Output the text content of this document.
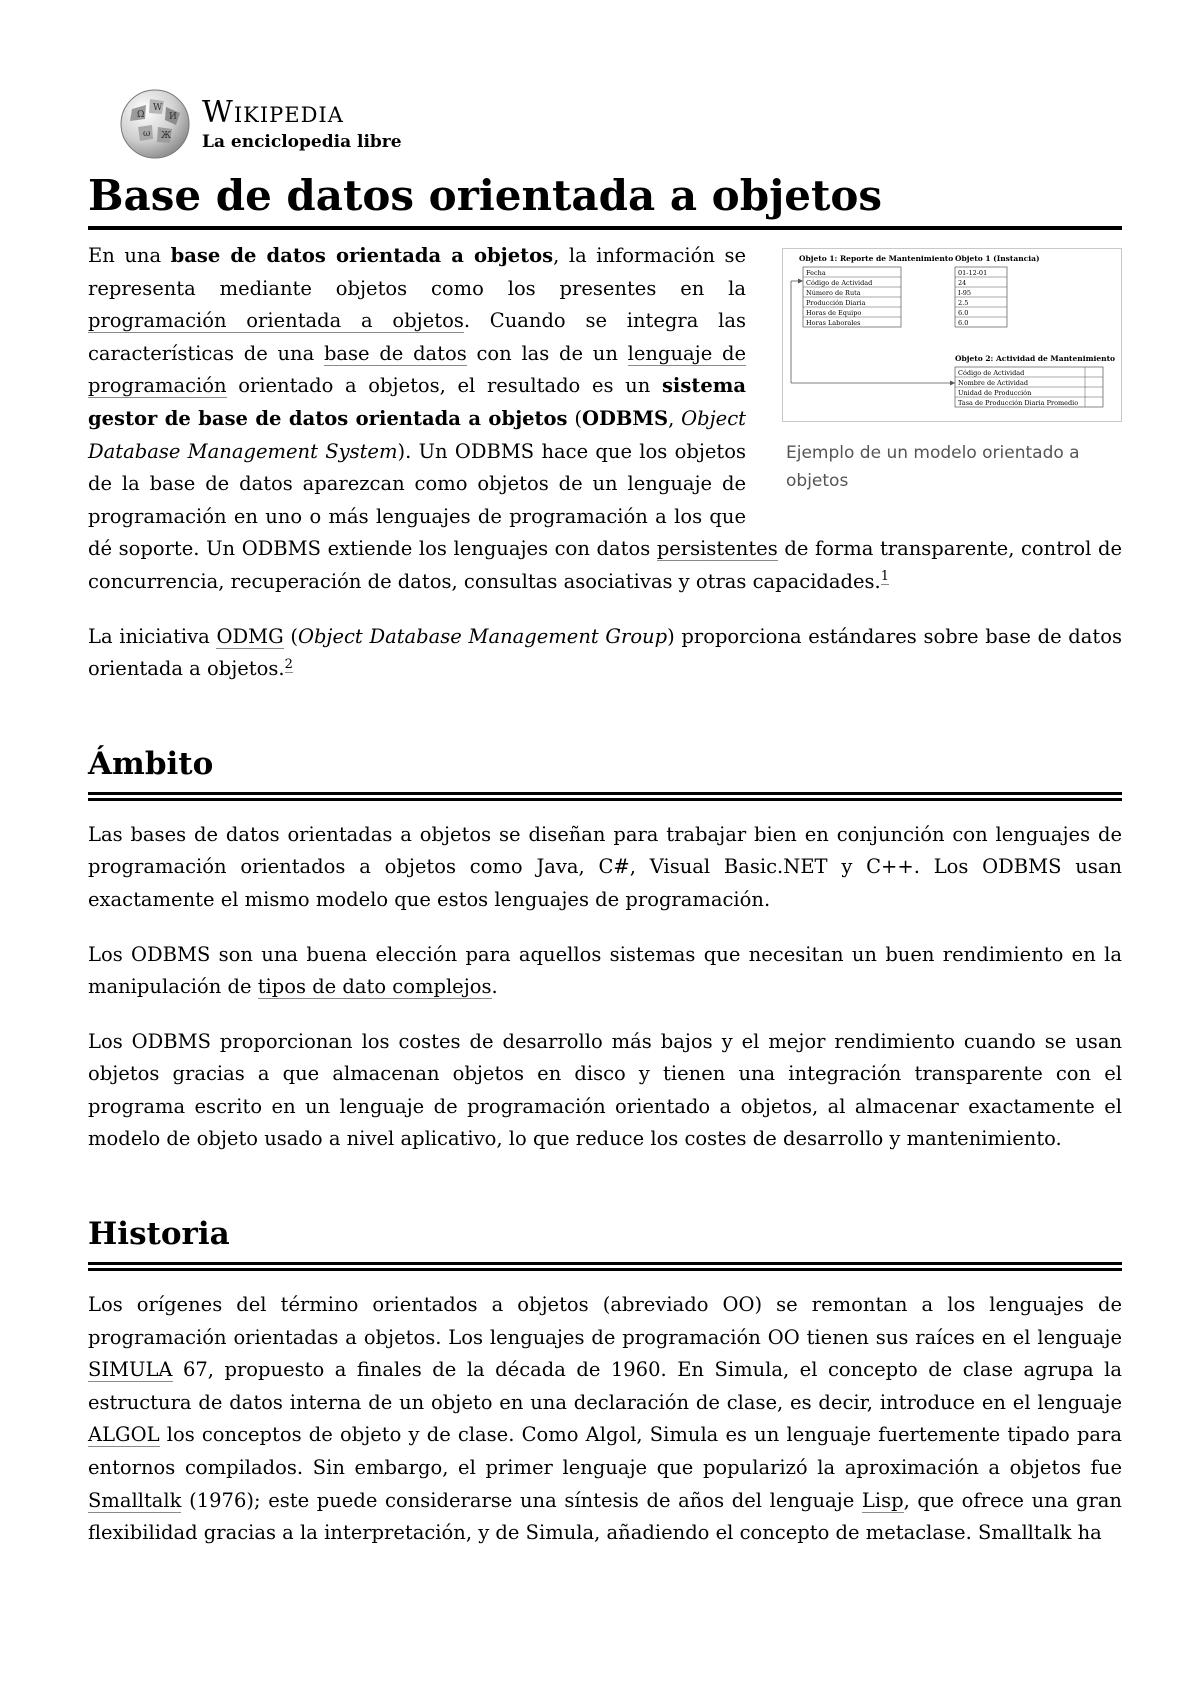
Ω
W
И
ω Ж
Wikipedia
La enciclopedia libre
Base de datos orientada a objetos
Objeto 1: Reporte de Mantenimiento
Fecha
Código de Actividad
Número de Ruta
Producción Diaria
Horas de Equipo
Horas Laborales
Objeto 1 (Instancia)
01-12-01
24
I-95
2.5
6.0
6.0
Objeto 2: Actividad de Mantenimiento
Código de Actividad
Nombre de Actividad
Unidad de Producción
Tasa de Producción Diaria Promedio
Ejemplo de un modelo orientado a objetos

En una base de datos orientada a objetos, la información se representa mediante objetos como los presentes en la programación orientada a objetos. Cuando se integra las características de una base de datos con las de un lenguaje de programación orientado a objetos, el resultado es un sistema gestor de base de datos orientada a objetos (ODBMS, Object Database Management System). Un ODBMS hace que los objetos de la base de datos aparezcan como objetos de un lenguaje de programación en uno o más lenguajes de programación a los que dé soporte. Un ODBMS extiende los lenguajes con datos persistentes de forma transparente, control de concurrencia, recuperación de datos, consultas asociativas y otras capacidades.$^1$

La iniciativa ODMG (Object Database Management Group) proporciona estándares sobre base de datos orientada a objetos.$^2$

Ámbito

Las bases de datos orientadas a objetos se diseñan para trabajar bien en conjunción con lenguajes de programación orientados a objetos como Java, C#, Visual Basic.NET y C++. Los ODBMS usan exactamente el mismo modelo que estos lenguajes de programación.

Los ODBMS son una buena elección para aquellos sistemas que necesitan un buen rendimiento en la manipulación de tipos de dato complejos.

Los ODBMS proporcionan los costes de desarrollo más bajos y el mejor rendimiento cuando se usan objetos gracias a que almacenan objetos en disco y tienen una integración transparente con el programa escrito en un lenguaje de programación orientado a objetos, al almacenar exactamente el modelo de objeto usado a nivel aplicativo, lo que reduce los costes de desarrollo y mantenimiento.

Historia

Los orígenes del término orientados a objetos (abreviado OO) se remontan a los lenguajes de programación orientadas a objetos. Los lenguajes de programación OO tienen sus raíces en el lenguaje SIMULA 67, propuesto a finales de la década de 1960. En Simula, el concepto de clase agrupa la estructura de datos interna de un objeto en una declaración de clase, es decir, introduce en el lenguaje ALGOL los conceptos de objeto y de clase. Como Algol, Simula es un lenguaje fuertemente tipado para entornos compilados. Sin embargo, el primer lenguaje que popularizó la aproximación a objetos fue Smalltalk (1976); este puede considerarse una síntesis de años del lenguaje Lisp, que ofrece una gran flexibilidad gracias a la interpretación, y de Simula, añadiendo el concepto de metaclase. Smalltalk ha
